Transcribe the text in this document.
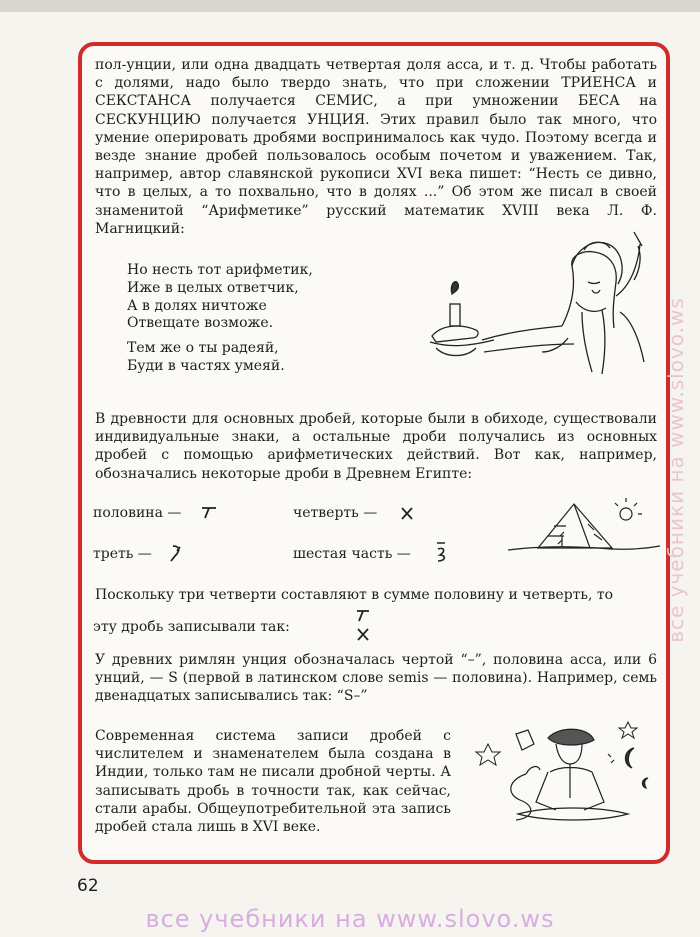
пол-унции, или одна двадцать четвертая доля асса, и т. д. Чтобы работать с долями, надо было твердо знать, что при сложении ТРИЕНСА и СЕКСТАНСА получается СЕМИС, а при умножении БЕСА на СЕСКУНЦИЮ получается УНЦИЯ. Этих правил было так много, что умение оперировать дробями воспринималось как чудо. Поэтому всегда и везде знание дробей пользовалось особым почетом и уважением. Так, например, автор славянской рукописи XVI века пишет: “Несть се дивно, что в целых, а то похвально, что в долях ...” Об этом же писал в своей знаменитой “Арифметике” русский математик XVIII века Л. Ф. Магницкий:

Но несть тот арифметик,
Иже в целых ответчик,
А в долях ничтоже
Отвещате возможе.
Тем же о ты радеяй,
Буди в частях умеяй.

В древности для основных дробей, которые были в обиходе, существовали индивидуальные знаки, а остальные дроби получались из основных дробей с помощью арифметических действий. Вот как, например, обозначались некоторые дроби в Древнем Египте:

половина —	четверть —
треть —	шестая часть —

Поскольку три четверти составляют в сумме половину и четверть, то

эту дробь записывали так:

У древних римлян унция обозначалась чертой “–”, половина асса, или 6 унций, — S (первой в латинском слове semis — половина). Например, семь двенадцатых записывались так: “S–”

Современная система записи дробей с числителем и знаменателем была создана в Индии, только там не писали дробной черты. А записывать дробь в точности так, как сейчас, стали арабы. Общеупотребительной эта запись дробей стала лишь в XVI веке.

все учебники на www.slovo.ws
62
все учебники на www.slovo.ws
